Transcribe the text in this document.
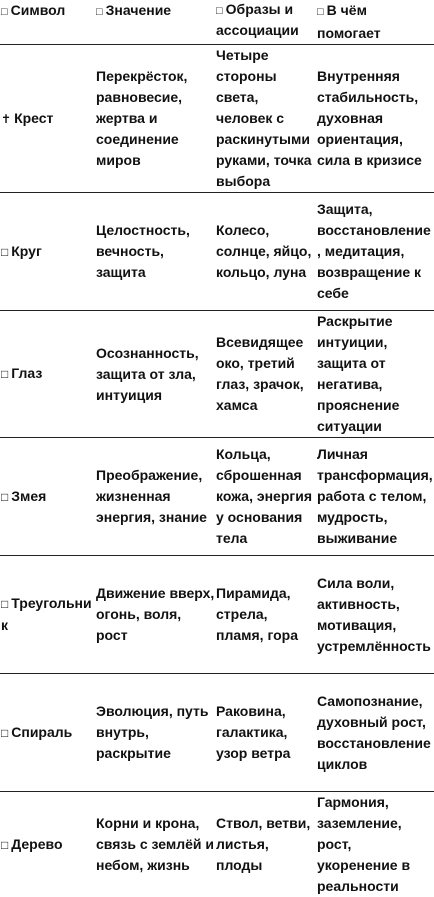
□ Символ	□ Значение	□ Образы и ассоциации	□ В чём помогает
✝ Крест	Перекрёсток, равновесие, жертва и соединение миров	Четыре стороны света, человек с раскинутыми руками, точка выбора	Внутренняя стабильность, духовная ориентация, сила в кризисе
□ Круг	Целостность, вечность, защита	Колесо, солнце, яйцо, кольцо, луна	Защита, восстановление, медитация, возвращение к себе
□ Глаз	Осознанность, защита от зла, интуиция	Всевидящее око, третий глаз, зрачок, хамса	Раскрытие интуиции, защита от негатива, прояснение ситуации
□ Змея	Преображение, жизненная энергия, знание	Кольца, сброшенная кожа, энергия у основания тела	Личная трансформация, работа с телом, мудрость, выживание
□ Треугольник	Движение вверх, огонь, воля, рост	Пирамида, стрела, пламя, гора	Сила воли, активность, мотивация, устремлённость
□ Спираль	Эволюция, путь внутрь, раскрытие	Раковина, галактика, узор ветра	Самопознание, духовный рост, восстановление циклов
□ Дерево	Корни и крона, связь с землёй и небом, жизнь	Ствол, ветви, листья, плоды	Гармония, заземление, рост, укоренение в реальности
